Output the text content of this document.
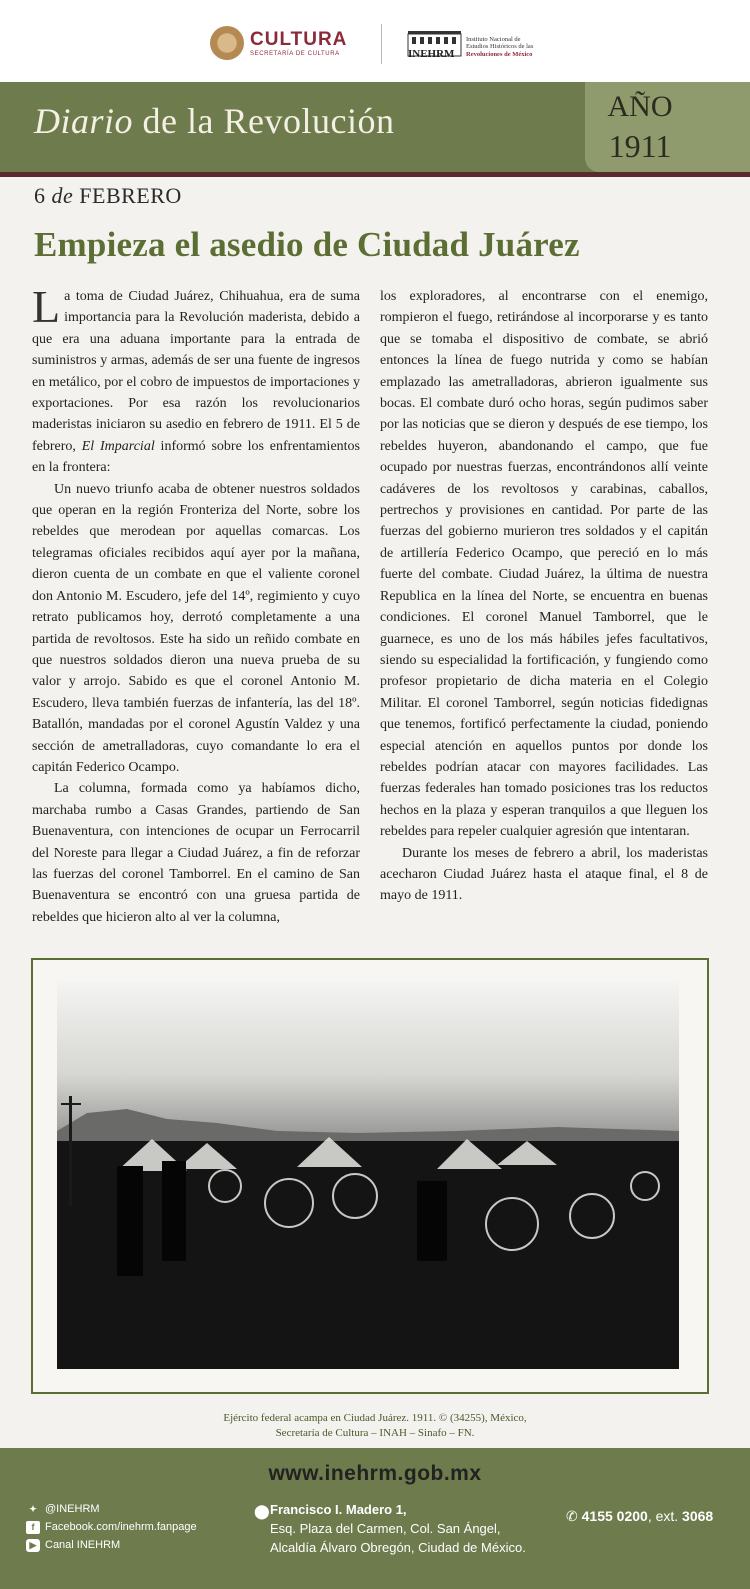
CULTURA
SECRETARÍA DE CULTURA
Instituto Nacional de
Estudios Históricos de las
Revoluciones de México
INEHRM
Diario de la Revolución	AÑO
1911
6 de FEBRERO
Empieza el asedio de Ciudad Juárez

La toma de Ciudad Juárez, Chihuahua, era de suma importancia para la Revolución maderista, debido a que era una aduana importante para la entrada de suministros y armas, además de ser una fuente de ingresos en metálico, por el cobro de impuestos de importaciones y exportaciones. Por esa razón los revolucionarios maderistas iniciaron su asedio en febrero de 1911. El 5 de febrero, El Imparcial informó sobre los enfrentamientos en la frontera:

Un nuevo triunfo acaba de obtener nuestros soldados que operan en la región Fronteriza del Norte, sobre los rebeldes que merodean por aquellas comarcas. Los telegramas oficiales recibidos aquí ayer por la mañana, dieron cuenta de un combate en que el valiente coronel don Antonio M. Escudero, jefe del 14º, regimiento y cuyo retrato publicamos hoy, derrotó completamente a una partida de revoltosos. Este ha sido un reñido combate en que nuestros soldados dieron una nueva prueba de su valor y arrojo. Sabido es que el coronel Antonio M. Escudero, lleva también fuerzas de infantería, las del 18º. Batallón, mandadas por el coronel Agustín Valdez y una sección de ametralladoras, cuyo comandante lo era el capitán Federico Ocampo.

La columna, formada como ya habíamos dicho, marchaba rumbo a Casas Grandes, partiendo de San Buenaventura, con intenciones de ocupar un Ferrocarril del Noreste para llegar a Ciudad Juárez, a fin de reforzar las fuerzas del coronel Tamborrel. En el camino de San Buenaventura se encontró con una gruesa partida de rebeldes que hicieron alto al ver la columna,

los exploradores, al encontrarse con el enemigo, rompieron el fuego, retirándose al incorporarse y es tanto que se tomaba el dispositivo de combate, se abrió entonces la línea de fuego nutrida y como se habían emplazado las ametralladoras, abrieron igualmente sus bocas. El combate duró ocho horas, según pudimos saber por las noticias que se dieron y después de ese tiempo, los rebeldes huyeron, abandonando el campo, que fue ocupado por nuestras fuerzas, encontrándonos allí veinte cadáveres de los revoltosos y carabinas, caballos, pertrechos y provisiones en cantidad. Por parte de las fuerzas del gobierno murieron tres soldados y el capitán de artillería Federico Ocampo, que pereció en lo más fuerte del combate. Ciudad Juárez, la última de nuestra Republica en la línea del Norte, se encuentra en buenas condiciones. El coronel Manuel Tamborrel, que le guarnece, es uno de los más hábiles jefes facultativos, siendo su especialidad la fortificación, y fungiendo como profesor propietario de dicha materia en el Colegio Militar. El coronel Tamborrel, según noticias fidedignas que tenemos, fortificó perfectamente la ciudad, poniendo especial atención en aquellos puntos por donde los rebeldes podrían atacar con mayores facilidades. Las fuerzas federales han tomado posiciones tras los reductos hechos en la plaza y esperan tranquilos a que lleguen los rebeldes para repeler cualquier agresión que intentaran.

Durante los meses de febrero a abril, los maderistas acecharon Ciudad Juárez hasta el ataque final, el 8 de mayo de 1911.

Ejército federal acampa en Ciudad Juárez. 1911. © (34255), México,
Secretaría de Cultura – INAH – Sinafo – FN.
www.inehrm.gob.mx
✦ @INEHRM
f Facebook.com/inehrm.fanpage
▶ Canal INEHRM
⬤ Francisco I. Madero 1,
Esq. Plaza del Carmen, Col. San Ángel,
Alcaldía Álvaro Obregón, Ciudad de México.
✆ 4155 0200, ext. 3068
